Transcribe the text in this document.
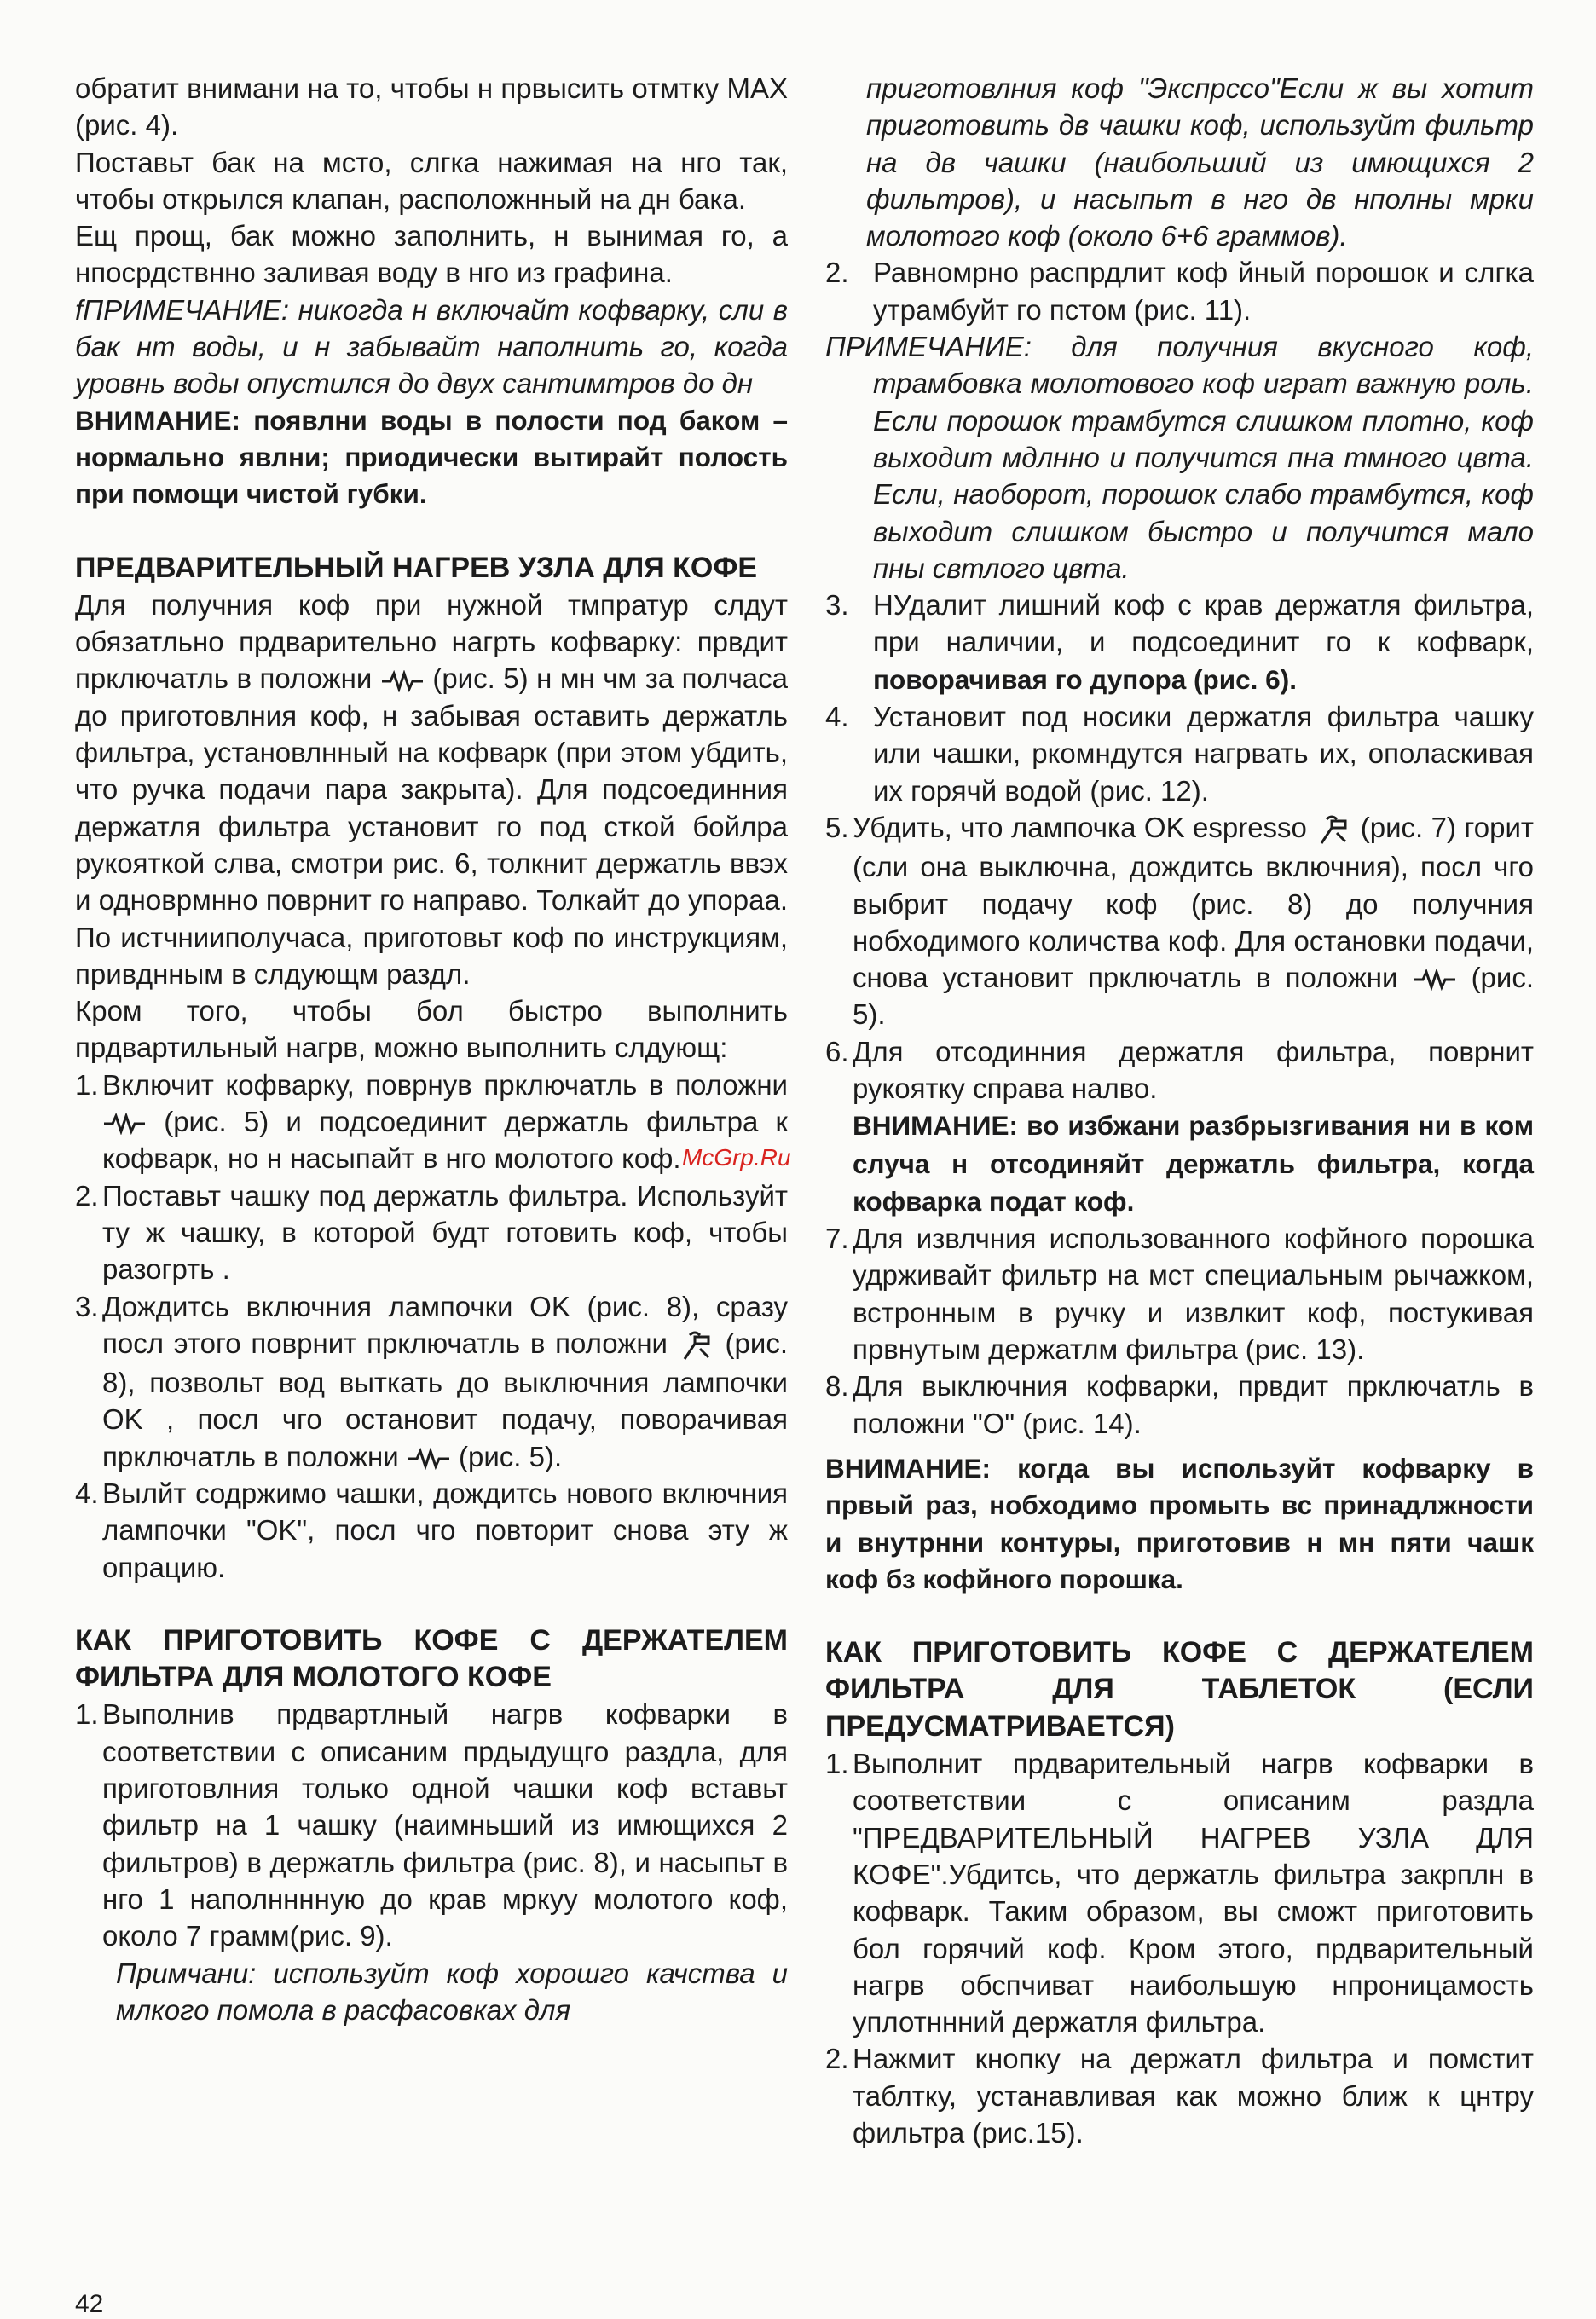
обратит внимани на то, чтобы н првысить отмтку MAX (рис. 4).

Поставьт бак на мсто, слгка нажимая на нго так, чтобы открылся клапан, расположнный на дн бака.

Ещ прощ, бак можно заполнить, н вынимая го, а нпосрдствнно заливая воду в нго из графина.

fПРИМЕЧАНИЕ: никогда н включайт кофварку, сли в бак нт воды, и н забывайт наполнить го, когда уровнь воды опустился до двух сантимтров до дн

ВНИМАНИЕ: появлни воды в полости под баком – нормально явлни; приодически вытирайт полость при помощи чистой губки.

ПРЕДВАРИТЕЛЬНЫЙ НАГРЕВ УЗЛА ДЛЯ КОФЕ

Для получния коф при нужной тмпратур слдут обязатльно прдварительно нагрть кофварку: првдит прключатль в положни (рис. 5) н мн чм за полчаса до приготовлния коф, н забывая оставить держатль фильтра, установлнный на кофварк (при этом убдить, что ручка подачи пара закрыта). Для подсоединния держатля фильтра установит го под сткой бойлра рукояткой слва, смотри рис. 6, толкнит держатль ввэх и одноврмнно поврнит го направо. Толкайт до упораа. По истчнииполучаса, приготовьт коф по инструкциям, привднным в слдующм раздл.

Кром того, чтобы бол быстро выполнить прдвартильный нагрв, можно выполнить слдующ:

1. Включит кофварку, поврнув прключатль в положни  (рис. 5) и подсоединит держатль фильтра к кофварк, но н насыпайт в нго молотого коф.
2. Поставьт чашку под держатль фильтра. Используйт ту ж чашку, в которой будт готовить коф, чтобы разогрть .
3. Дождитсь включния лампочки OK (рис. 8), сразу посл этого поврнит прключатль в положни (рис. 8), позвольт вод выткать до выключния лампочки OK , посл чго остановит подачу, поворачивая прключатль в положни (рис. 5).
4. Вылйт содржимо чашки, дождитсь нового включния лампочки "OK", посл чго повторит снова эту ж опрацию.

КАК ПРИГОТОВИТЬ КОФЕ С ДЕРЖАТЕЛЕМ ФИЛЬТРА ДЛЯ МОЛОТОГО КОФЕ

1. Выполнив прдвартлный нагрв кофварки в соответствии с описаним прдыдущго раздла, для приготовлния только одной чашки коф вставьт фильтр на 1 чашку (наимньший из имющихся 2 фильтров) в держатль фильтра (рис. 8), и насыпьт в нго 1 наполнннную до крав мркуу молотого коф, около 7 грамм(рис. 9).

Примчани: используйт коф хорошго качства и млкого помола в расфасовках для

приготовлния коф "Экспрссо"Если ж вы хотит приготовить дв чашки коф, используйт фильтр на дв чашки (наибольший из имющихся 2 фильтров), и насыпьт в нго дв нполны мрки молотого коф (около 6+6 граммов).

2. Равномрно распрдлит коф йный порошок и слгка утрамбуйт го пстом (рис. 11).

ПРИМЕЧАНИЕ: для получния вкусного коф, трамбовка молотового коф играт важную роль. Если порошок трамбутся слишком плотно, коф выходит мдлнно и получится пна тмного цвта. Если, наоборот, порошок слабо трамбутся, коф выходит слишком быстро и получится мало пны свтлого цвта.

3. НУдалит лишний коф с крав держатля фильтра, при наличии, и подсоединит го к кофварк, поворачивая го дупора (рис. 6).
4. Установит под носики держатля фильтра чашку или чашки, ркомндутся нагрвать их, ополаскивая их горячй водой (рис. 12).
5. Убдить, что лампочка OK espresso (рис. 7) горит (сли она выключна, дождитсь включния), посл чго выбрит подачу коф (рис. 8) до получния нобходимого количства коф. Для остановки подачи, снова установит прключатль в положни	(рис. 5).
6. Для отсодинния держатля фильтра, поврнит рукоятку справа налво.
ВНИМАНИЕ: во избжани разбрызгивания ни в ком случа н отсодиняйт держатль фильтра, когда кофварка подат коф.
7. Для извлчния использованного кофйного порошка удрживайт фильтр на мст специальным рычажком, встронным в ручку и извлкит коф, постукивая првнутым держатлм фильтра (рис. 13).
8. Для выключния кофварки, првдит прключатль в положни "O" (рис. 14).

ВНИМАНИЕ: когда вы используйт кофварку в првый раз, нобходимо промыть вс принадлжности и внутрнни контуры, приготовив н мн пяти чашк коф бз кофйного порошка.

КАК ПРИГОТОВИТЬ КОФЕ С ДЕРЖАТЕЛЕМ ФИЛЬТРА ДЛЯ ТАБЛЕТОК (ЕСЛИ ПРЕДУСМАТРИВАЕТСЯ)

1. Выполнит прдварительный нагрв кофварки в соответствии с описаним раздла "ПРЕДВАРИТЕЛЬНЫЙ НАГРЕВ УЗЛА ДЛЯ КОФЕ".Убдитсь, что держатль фильтра закрплн в кофварк. Таким образом, вы сможт приготовить бол горячий коф. Кром этого, прдварительный нагрв обспчиват наибольшую нпроницамость уплотннний держатля фильтра.
2. Нажмит кнопку на держатл фильтра и помстит таблтку, устанавливая как можно ближ к цнтру фильтра (рис.15).
McGrp.Ru
42
